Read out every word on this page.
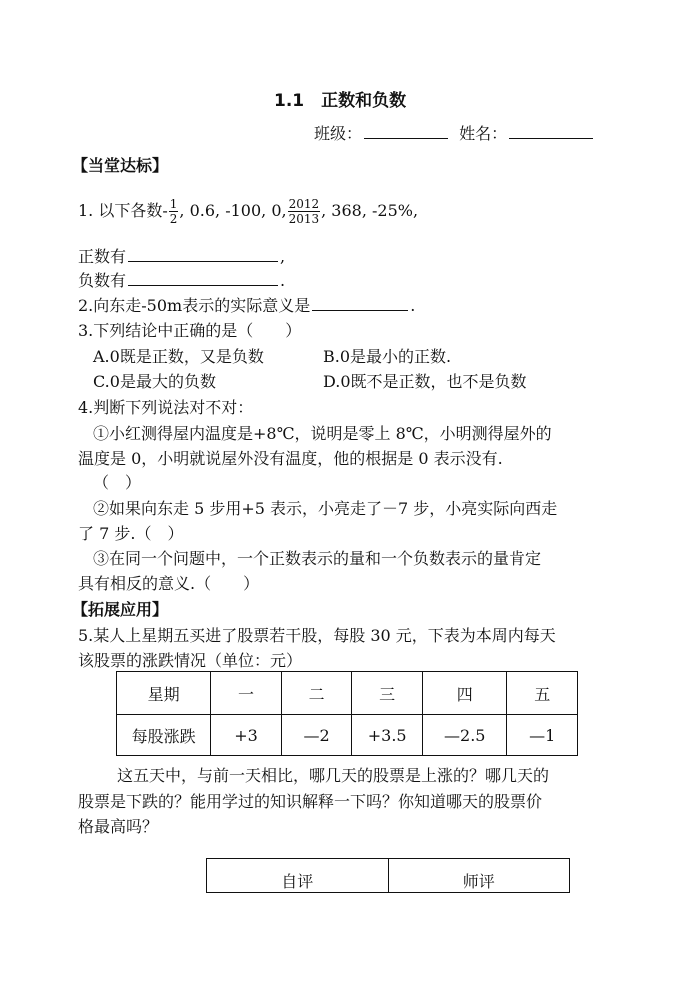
1.1　正数和负数
班级：	姓名：
【当堂达标】
1. 以下各数- $\frac{1}{2}$ , 0.6, -100, 0, $\frac{2012}{2013}$ , 368, -25%,
正数有	,
负数有	.
2.向东走-50m表示的实际意义是	.
3.下列结论中正确的是（　　）
A.0既是正数，又是负数	B.0是最小的正数.
C.0是最大的负数	D.0既不是正数，也不是负数
4.判断下列说法对不对：
①小红测得屋内温度是+8℃，说明是零上 8℃，小明测得屋外的
温度是 0，小明就说屋外没有温度，他的根据是 0 表示没有.
（　）
②如果向东走 5 步用+5 表示，小亮走了－7 步，小亮实际向西走
了 7 步.（　）
③在同一个问题中，一个正数表示的量和一个负数表示的量肯定
具有相反的意义.（　　）
【拓展应用】
5.某人上星期五买进了股票若干股，每股 30 元，下表为本周内每天
该股票的涨跌情况（单位：元）
星期	一	二	三	四	五
每股涨跌	+3	—2	+3.5	—2.5	—1
这五天中，与前一天相比，哪几天的股票是上涨的？哪几天的
股票是下跌的？能用学过的知识解释一下吗？你知道哪天的股票价
格最高吗？
自评	师评
